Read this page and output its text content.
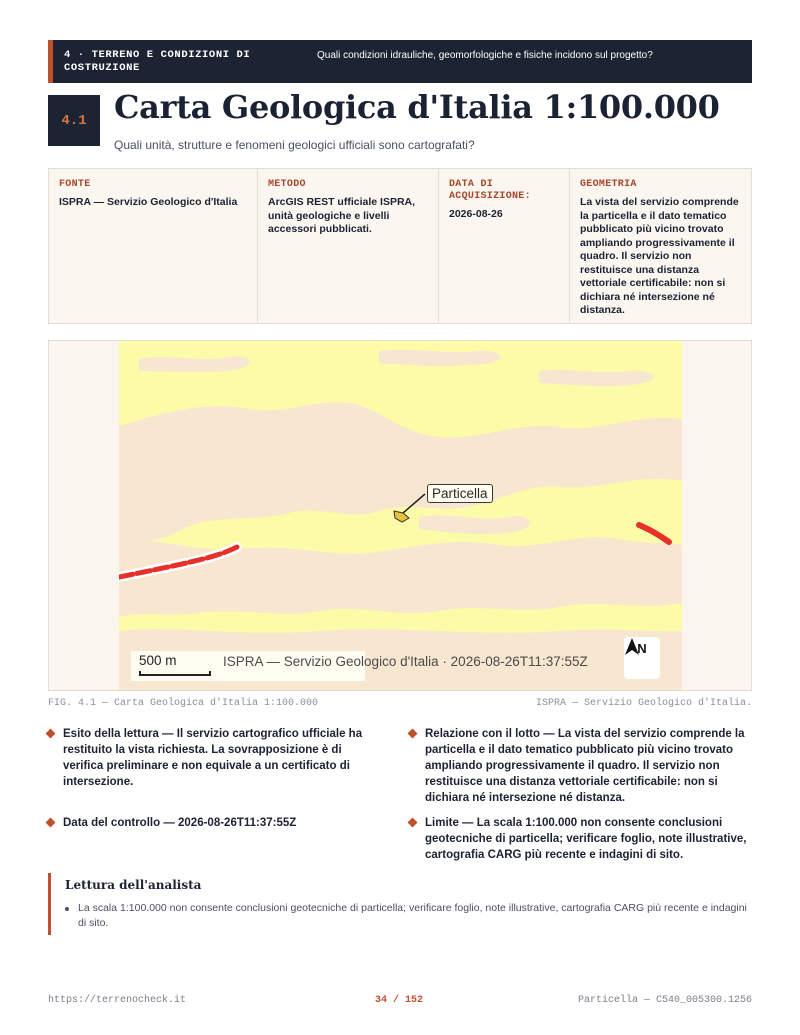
4 · TERRENO E CONDIZIONI DI COSTRUZIONE
Quali condizioni idrauliche, geomorfologiche e fisiche incidono sul progetto?
4.1 Carta Geologica d'Italia 1:100.000
Quali unità, strutture e fenomeni geologici ufficiali sono cartografati?
FONTE
ISPRA — Servizio Geologico d'Italia
METODO
ArcGIS REST ufficiale ISPRA, unità geologiche e livelli accessori pubblicati.
DATA DI ACQUISIZIONE:
2026-08-26
GEOMETRIA
La vista del servizio comprende la particella e il dato tematico pubblicato più vicino trovato ampliando progressivamente il quadro. Il servizio non restituisce una distanza vettoriale certificabile: non si dichiara né intersezione né distanza.
Particella
500 m	ISPRA — Servizio Geologico d'Italia · 2026-08-26T11:37:55Z
N
FIG. 4.1 — Carta Geologica d'Italia 1:100.000	ISPRA — Servizio Geologico d'Italia.
Esito della lettura — Il servizio cartografico ufficiale ha restituito la vista richiesta. La sovrapposizione è di verifica preliminare e non equivale a un certificato di intersezione.
Relazione con il lotto — La vista del servizio comprende la particella e il dato tematico pubblicato più vicino trovato ampliando progressivamente il quadro. Il servizio non restituisce una distanza vettoriale certificabile: non si dichiara né intersezione né distanza.
Data del controllo — 2026-08-26T11:37:55Z	Limite — La scala 1:100.000 non consente conclusioni geotecniche di particella; verificare foglio, note illustrative, cartografia CARG più recente e indagini di sito.
Lettura dell'analista
La scala 1:100.000 non consente conclusioni geotecniche di particella; verificare foglio, note illustrative, cartografia CARG più recente e indagini di sito.
https://terrenocheck.it	34 / 152	Particella — C540_005300.1256
